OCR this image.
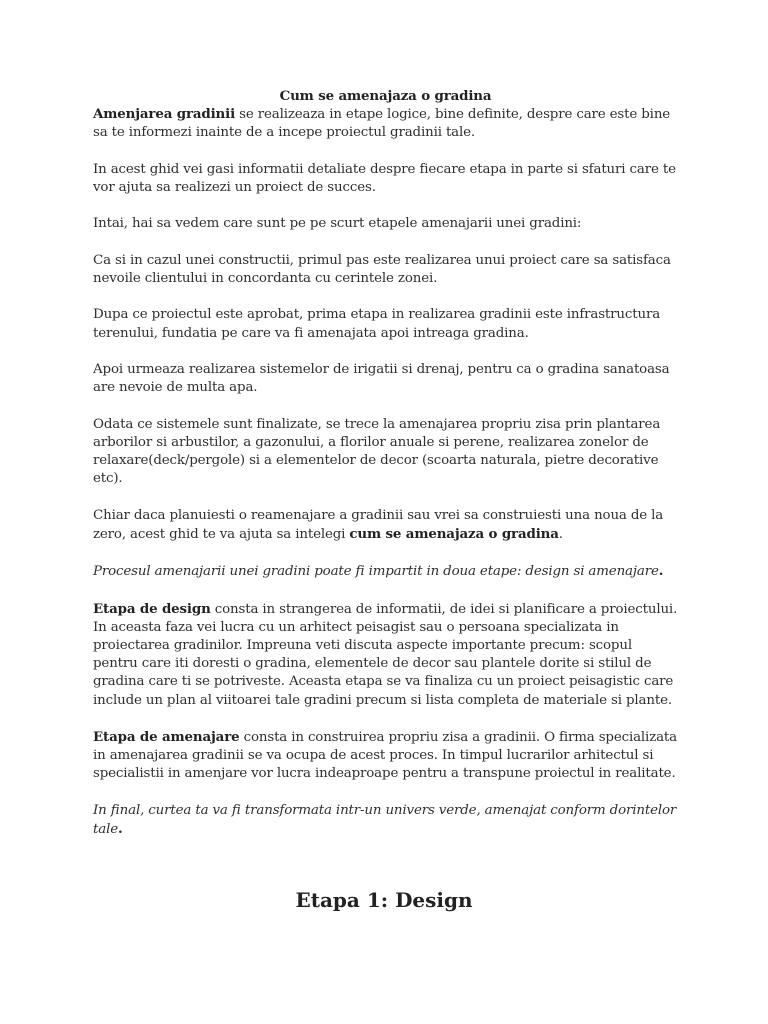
Cum se amenajaza o gradina

Amenjarea gradinii se realizeaza in etape logice, bine definite, despre care este bine sa te informezi inainte de a incepe proiectul gradinii tale.

In acest ghid vei gasi informatii detaliate despre fiecare etapa in parte si sfaturi care te vor ajuta sa realizezi un proiect de succes.

Intai, hai sa vedem care sunt pe pe scurt etapele amenajarii unei gradini:

Ca si in cazul unei constructii, primul pas este realizarea unui proiect care sa satisfaca nevoile clientului in concordanta cu cerintele zonei.

Dupa ce proiectul este aprobat, prima etapa in realizarea gradinii este infrastructura terenului, fundatia pe care va fi amenajata apoi intreaga gradina.

Apoi urmeaza realizarea sistemelor de irigatii si drenaj, pentru ca o gradina sanatoasa are nevoie de multa apa.

Odata ce sistemele sunt finalizate, se trece la amenajarea propriu zisa prin plantarea arborilor si arbustilor, a gazonului, a florilor anuale si perene, realizarea zonelor de relaxare(deck/pergole) si a elementelor de decor (scoarta naturala, pietre decorative etc).

Chiar daca planuiesti o reamenajare a gradinii sau vrei sa construiesti una noua de la zero, acest ghid te va ajuta sa intelegi cum se amenajaza o gradina.

Procesul amenajarii unei gradini poate fi impartit in doua etape: design si amenajare.

Etapa de design consta in strangerea de informatii, de idei si planificare a proiectului. In aceasta faza vei lucra cu un arhitect peisagist sau o persoana specializata in proiectarea gradinilor. Impreuna veti discuta aspecte importante precum: scopul pentru care iti doresti o gradina, elementele de decor sau plantele dorite si stilul de gradina care ti se potriveste. Aceasta etapa se va finaliza cu un proiect peisagistic care include un plan al viitoarei tale gradini precum si lista completa de materiale si plante.

Etapa de amenajare consta in construirea propriu zisa a gradinii. O firma specializata in amenajarea gradinii se va ocupa de acest proces. In timpul lucrarilor arhitectul si specialistii in amenjare vor lucra indeaproape pentru a transpune proiectul in realitate.

In final, curtea ta va fi transformata intr-un univers verde, amenajat conform dorintelor tale.

Etapa 1: Design
